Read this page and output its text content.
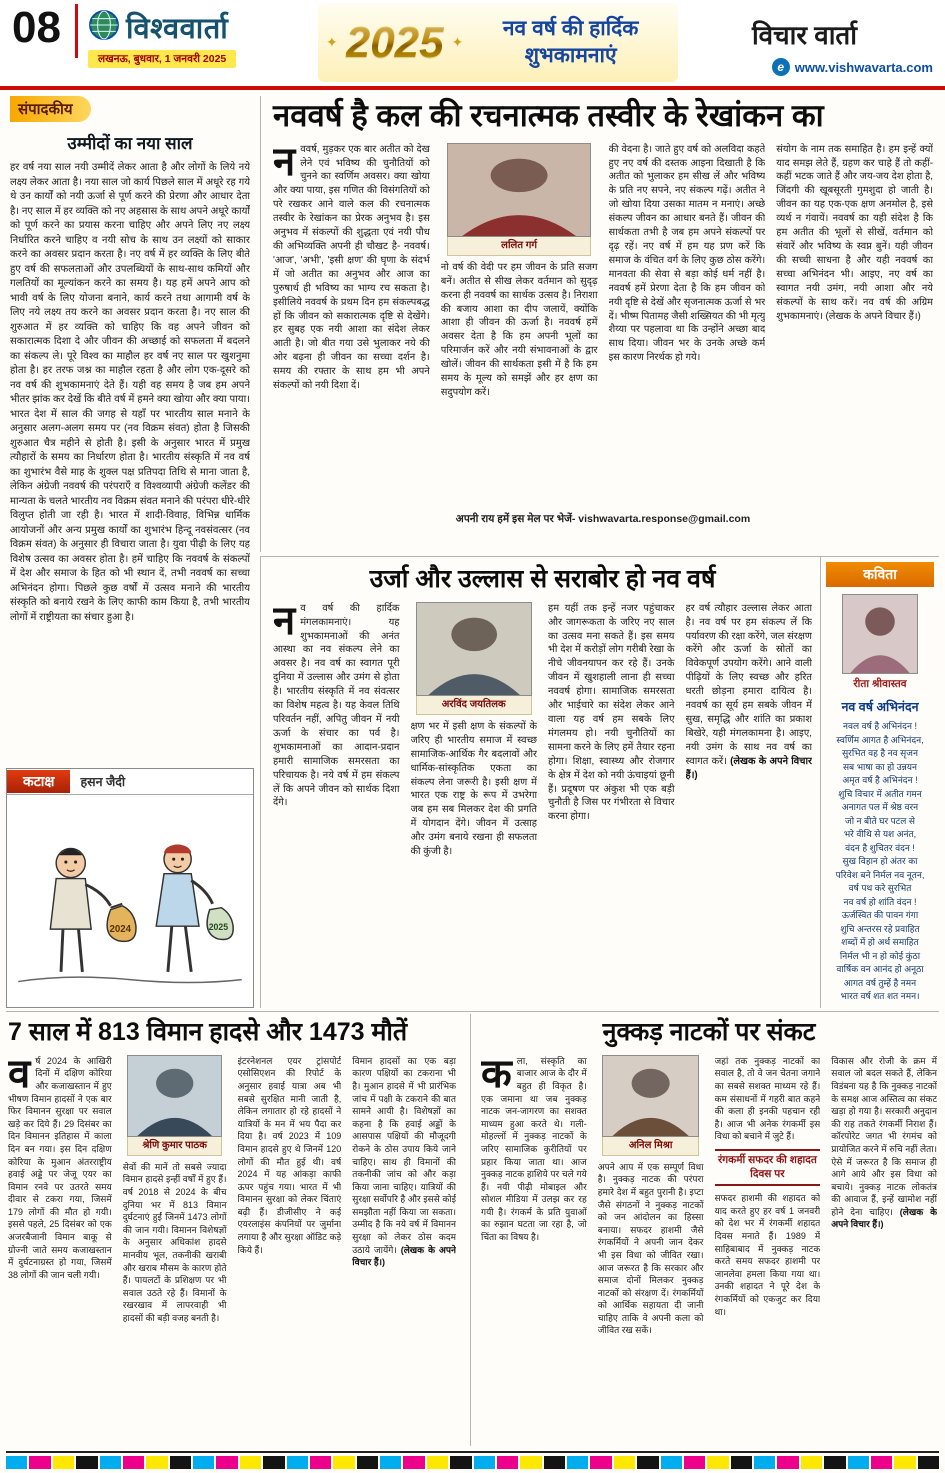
08	विश्ववार्ता
लखनऊ, बुधवार, 1 जनवरी 2025
✦ 2025 ✦
नव वर्ष की हार्दिक
शुभकामनाएं
विचार वार्ता
e www.vishwavarta.com
संपादकीय
उम्मीदों का नया साल
हर वर्ष नया साल नयी उम्मीदें लेकर आता है और लोगों के लिये नये लक्ष्य लेकर आता है। नया साल जो कार्य पिछले साल में अधूरे रह गये थे उन कार्यों को नयी ऊर्जा से पूर्ण करने की प्रेरणा और आधार देता है। नए साल में हर व्यक्ति को नए अहसास के साथ अपने अधूरे कार्यों को पूर्ण करने का प्रयास करना चाहिए और अपने लिए नए लक्ष्य निर्धारित करने चाहिए व नयी सोच के साथ उन लक्ष्यों को साकार करने का अवसर प्रदान करता है। नए वर्ष में हर व्यक्ति के लिए बीते हुए वर्ष की सफलताओं और उपलब्धियों के साथ-साथ कमियों और गलतियों का मूल्यांकन करने का समय है। यह हमें अपने आप को भावी वर्ष के लिए योजना बनाने, कार्य करने तथा आगामी वर्ष के लिए नये लक्ष्य तय करने का अवसर प्रदान करता है। नए साल की शुरुआत में हर व्यक्ति को चाहिए कि वह अपने जीवन को सकारात्मक दिशा दे और जीवन की अच्छाई को सफलता में बदलने का संकल्प ले। पूरे विश्व का माहौल हर वर्ष नए साल पर खुशनुमा होता है। हर तरफ जश्न का माहौल रहता है और लोग एक-दूसरे को नव वर्ष की शुभकामनाएं देते हैं। यही वह समय है जब हम अपने भीतर झांक कर देखें कि बीते वर्ष में हमने क्या खोया और क्या पाया। भारत देश में साल की जगह से यहाँ पर भारतीय साल मनाने के अनुसार अलग-अलग समय पर (नव विक्रम संवत) होता है जिसकी शुरुआत चैत्र महीने से होती है। इसी के अनुसार भारत में प्रमुख त्यौहारों के समय का निर्धारण होता है। भारतीय संस्कृति में नव वर्ष का शुभारंभ वैसे माह के शुक्ल पक्ष प्रतिपदा तिथि से माना जाता है, लेकिन अंग्रेजी नववर्ष की परंपराएँ व विश्वव्यापी अंग्रेजी कलेंडर की मान्यता के चलते भारतीय नव विक्रम संवत मनाने की परंपरा धीरे-धीरे विलुप्त होती जा रही है। भारत में शादी-विवाह, विभिन्न धार्मिक आयोजनों और अन्य प्रमुख कार्यों का शुभारंभ हिन्दू नवसंवत्सर (नव विक्रम संवत) के अनुसार ही विचारा जाता है। युवा पीढ़ी के लिए यह विशेष उत्सव का अवसर होता है। हमें चाहिए कि नववर्ष के संकल्पों में देश और समाज के हित को भी स्थान दें, तभी नववर्ष का सच्चा अभिनंदन होगा। पिछले कुछ वर्षों में उत्सव मनाने की भारतीय संस्कृति को बनाये रखने के लिए काफी काम किया है, तभी भारतीय लोगों में राष्ट्रीयता का संचार हुआ है।
कटाक्ष	हसन जैदी
2024	2025
नववर्ष है कल की रचनात्मक तस्वीर के रेखांकन का
नववर्ष, मुड़कर एक बार अतीत को देख लेने एवं भविष्य की चुनौतियों को चुनने का स्वर्णिम अवसर। क्या खोया और क्या पाया, इस गणित की विसंगतियों को परे रखकर आने वाले कल की रचनात्मक तस्वीर के रेखांकन का प्रेरक अनुभव है। इस अनुभव में संकल्पों की शुद्धता एवं नयी पौध की अभिव्यक्ति अपनी ही चौखट है- नववर्ष। 'आज', 'अभी', 'इसी क्षण' की घृणा के संदर्भ में जो अतीत का अनुभव और आज का पुरुषार्थ ही भविष्य का भाग्य रच सकता है। इसीलिये नववर्ष के प्रथम दिन हम संकल्पबद्ध हों कि जीवन को सकारात्मक दृष्टि से देखेंगे। हर सुबह एक नयी आशा का संदेश लेकर आती है। जो बीत गया उसे भुलाकर नये की ओर बढ़ना ही जीवन का सच्चा दर्शन है। समय की रफ्तार के साथ हम भी अपने संकल्पों को नयी दिशा दें।
ललित गर्ग
नाे वर्ष की वेदी पर हम जीवन के प्रति सजग बनें। अतीत से सीख लेकर वर्तमान को सुदृढ़ करना ही नववर्ष का सार्थक उत्सव है। निराशा की बजाय आशा का दीप जलायें, क्योंकि आशा ही जीवन की ऊर्जा है। नववर्ष हमें अवसर देता है कि हम अपनी भूलों का परिमार्जन करें और नयी संभावनाओं के द्वार खोलें। जीवन की सार्थकता इसी में है कि हम समय के मूल्य को समझें और हर क्षण का सदुपयोग करें।
की वेदना है। जाते हुए वर्ष को अलविदा कहते हुए नए वर्ष की दस्तक आइना दिखाती है कि अतीत को भुलाकर हम सीख लें और भविष्य के प्रति नए सपने, नए संकल्प गढ़ें। अतीत ने जो खोया दिया उसका मातम न मनाएं। अच्छे संकल्प जीवन का आधार बनते हैं। जीवन की सार्थकता तभी है जब हम अपने संकल्पों पर दृढ़ रहें। नए वर्ष में हम यह प्रण करें कि समाज के वंचित वर्ग के लिए कुछ ठोस करेंगे। मानवता की सेवा से बड़ा कोई धर्म नहीं है। नववर्ष हमें प्रेरणा देता है कि हम जीवन को नयी दृष्टि से देखें और सृजनात्मक ऊर्जा से भर दें। भीष्म पितामह जैसी शख्सियत की भी मृत्यु शैय्या पर पहलावा था कि उन्होंने अच्छा बाद साथ दिया। जीवन भर के उनके अच्छे कर्म इस कारण निरर्थक हो गये।
संयोग के नाम तक समाहित है। हम इन्हें क्यों याद समझ लेते हैं, ग्रहण कर चाहे हैं तो कहीं-कहीं भटक जाते हैं और जय-जय देश होता है, जिंदगी की खूबसूरती गुमशुदा हो जाती है। जीवन का यह एक-एक क्षण अनमोल है, इसे व्यर्थ न गंवायें। नववर्ष का यही संदेश है कि हम अतीत की भूलों से सीखें, वर्तमान को संवारें और भविष्य के स्वप्न बुनें। यही जीवन की सच्ची साधना है और यही नववर्ष का सच्चा अभिनंदन भी। आइए, नए वर्ष का स्वागत नयी उमंग, नयी आशा और नये संकल्पों के साथ करें। नव वर्ष की अग्रिम शुभकामनाएं। (लेखक के अपने विचार हैं।)
अपनी राय हमें इस मेल पर भेजें- vishwavarta.response@gmail.com
उर्जा और उल्लास से सराबोर हो नव वर्ष
नव वर्ष की हार्दिक मंगलकामनाएं। यह शुभकामनाओं की अनंत आस्था का नव संकल्प लेने का अवसर है। नव वर्ष का स्वागत पूरी दुनिया में उल्लास और उमंग से होता है। भारतीय संस्कृति में नव संवत्सर का विशेष महत्व है। यह केवल तिथि परिवर्तन नहीं, अपितु जीवन में नयी ऊर्जा के संचार का पर्व है। शुभकामनाओं का आदान-प्रदान हमारी सामाजिक समरसता का परिचायक है। नये वर्ष में हम संकल्प लें कि अपने जीवन को सार्थक दिशा देंगे।
अरविंद जयतिलक
क्षण भर में इसी क्षण के संकल्पों के जरिए ही भारतीय समाज में स्वच्छ सामाजिक-आर्थिक गैर बदलावों और धार्मिक-सांस्कृतिक एकता का संकल्प लेना जरूरी है। इसी क्षण में भारत एक राष्ट्र के रूप में उभरेगा जब हम सब मिलकर देश की प्रगति में योगदान देंगे। जीवन में उत्साह और उमंग बनाये रखना ही सफलता की कुंजी है।
हम यहीं तक इन्हें नजर पहुंचाकर और जागरूकता के जरिए नए साल का उत्सव मना सकते हैं। इस समय भी देश में करोड़ों लोग गरीबी रेखा के नीचे जीवनयापन कर रहे हैं। उनके जीवन में खुशहाली लाना ही सच्चा नववर्ष होगा। सामाजिक समरसता और भाईचारे का संदेश लेकर आने वाला यह वर्ष हम सबके लिए मंगलमय हो। नयी चुनौतियों का सामना करने के लिए हमें तैयार रहना होगा। शिक्षा, स्वास्थ्य और रोजगार के क्षेत्र में देश को नयी ऊंचाइयां छूनी हैं। प्रदूषण पर अंकुश भी एक बड़ी चुनौती है जिस पर गंभीरता से विचार करना होगा।
हर वर्ष त्यौहार उल्लास लेकर आता है। नव वर्ष पर हम संकल्प लें कि पर्यावरण की रक्षा करेंगे, जल संरक्षण करेंगे और ऊर्जा के स्रोतों का विवेकपूर्ण उपयोग करेंगे। आने वाली पीढ़ियों के लिए स्वच्छ और हरित धरती छोड़ना हमारा दायित्व है। नववर्ष का सूर्य हम सबके जीवन में सुख, समृद्धि और शांति का प्रकाश बिखेरे, यही मंगलकामना है। आइए, नयी उमंग के साथ नव वर्ष का स्वागत करें। (लेखक के अपने विचार हैं।)
कविता
रीता श्रीवास्तव
नव वर्ष अभिनंदन
नवल वर्ष है अभिनंदन !
स्वर्णिम आगत है अभिनंदन,
सुरभित वह है नव सृजन
सब भाषा का हो उन्नयन
अमृत वर्ष है अभिनंदन !
शुचि विचार में अतीत गमन
अनागत पल में श्रेष्ठ वरन
जो न बीते घर पटल से
भरे वीथि से यश अनंत,
वंदन है शुचितर वंदन !
सुख विहान हो अंतर का
परिवेश बने निर्मल नव नूतन,
वर्ष पथ करे सुरभित
नव वर्ष हो शांति वंदन !
ऊर्जस्वित की पावन गंगा
शुचि अन्तरस रहे प्रवाहित
शब्दों में हो अर्थ समाहित
निर्मल भी न हो कोई कुंठा
वार्षिक वन आनंद हो अनूठा
आगत वर्ष तुम्हें है नमन
भारत वर्ष शत शत नमन।
7 साल में 813 विमान हादसे और 1473 मौतें
वर्ष 2024 के आखिरी दिनों में दक्षिण कोरिया और कजाखस्तान में हुए भीषण विमान हादसों ने एक बार फिर विमानन सुरक्षा पर सवाल खड़े कर दिये हैं। 29 दिसंबर का दिन विमानन इतिहास में काला दिन बन गया। इस दिन दक्षिण कोरिया के मुआन अंतरराष्ट्रीय हवाई अड्डे पर जेजू एयर का विमान रनवे पर उतरते समय दीवार से टकरा गया, जिसमें 179 लोगों की मौत हो गयी। इससे पहले, 25 दिसंबर को एक अजरबैजानी विमान बाकू से ग्रोज्नी जाते समय कजाखस्तान में दुर्घटनाग्रस्त हो गया, जिसमें 38 लोगों की जान चली गयी।
श्रेणि कुमार पाठक
सेवों की मानें तो सबसे ज्यादा विमान हादसे इन्हीं वर्षों में हुए हैं। वर्ष 2018 से 2024 के बीच दुनिया भर में 813 विमान दुर्घटनाएं हुईं जिनमें 1473 लोगों की जान गयी। विमानन विशेषज्ञों के अनुसार अधिकांश हादसे मानवीय भूल, तकनीकी खराबी और खराब मौसम के कारण होते हैं। पायलटों के प्रशिक्षण पर भी सवाल उठते रहे हैं। विमानों के रखरखाव में लापरवाही भी हादसों की बड़ी वजह बनती है।
इंटरनेशनल एयर ट्रांसपोर्ट एसोसिएशन की रिपोर्ट के अनुसार हवाई यात्रा अब भी सबसे सुरक्षित मानी जाती है, लेकिन लगातार हो रहे हादसों ने यात्रियों के मन में भय पैदा कर दिया है। वर्ष 2023 में 109 विमान हादसे हुए थे जिनमें 120 लोगों की मौत हुई थी। वर्ष 2024 में यह आंकड़ा काफी ऊपर पहुंच गया। भारत में भी विमानन सुरक्षा को लेकर चिंताएं बढ़ी हैं। डीजीसीए ने कई एयरलाइंस कंपनियों पर जुर्माना लगाया है और सुरक्षा ऑडिट कड़े किये हैं।
विमान हादसों का एक बड़ा कारण पक्षियों का टकराना भी है। मुआन हादसे में भी प्रारंभिक जांच में पक्षी के टकराने की बात सामने आयी है। विशेषज्ञों का कहना है कि हवाई अड्डों के आसपास पक्षियों की मौजूदगी रोकने के ठोस उपाय किये जाने चाहिए। साथ ही विमानों की तकनीकी जांच को और कड़ा किया जाना चाहिए। यात्रियों की सुरक्षा सर्वोपरि है और इससे कोई समझौता नहीं किया जा सकता। उम्मीद है कि नये वर्ष में विमानन सुरक्षा को लेकर ठोस कदम उठाये जायेंगे। (लेखक के अपने विचार हैं।)
नुक्कड़ नाटकों पर संकट
कला, संस्कृति का बाजार आज के दौर में बहुत ही विकृत है। एक जमाना था जब नुक्कड़ नाटक जन-जागरण का सशक्त माध्यम हुआ करते थे। गली-मोहल्लों में नुक्कड़ नाटकों के जरिए सामाजिक कुरीतियों पर प्रहार किया जाता था। आज नुक्कड़ नाटक हाशिये पर चले गये हैं। नयी पीढ़ी मोबाइल और सोशल मीडिया में उलझ कर रह गयी है। रंगकर्म के प्रति युवाओं का रुझान घटता जा रहा है, जो चिंता का विषय है।
अनिल मिश्रा
अपने आप में एक सम्पूर्ण विधा है। नुक्कड़ नाटक की परंपरा हमारे देश में बहुत पुरानी है। इप्टा जैसे संगठनों ने नुक्कड़ नाटकों को जन आंदोलन का हिस्सा बनाया। सफदर हाशमी जैसे रंगकर्मियों ने अपनी जान देकर भी इस विधा को जीवित रखा। आज जरूरत है कि सरकार और समाज दोनों मिलकर नुक्कड़ नाटकों को संरक्षण दें। रंगकर्मियों को आर्थिक सहायता दी जानी चाहिए ताकि वे अपनी कला को जीवित रख सकें।
जहां तक नुक्कड़ नाटकों का सवाल है, तो वे जन चेतना जगाने का सबसे सशक्त माध्यम रहे हैं। कम संसाधनों में गहरी बात कहने की कला ही इनकी पहचान रही है। आज भी अनेक रंगकर्मी इस विधा को बचाने में जुटे हैं।
रंगकर्मी सफदर की शहादत दिवस पर
सफदर हाशमी की शहादत को याद करते हुए हर वर्ष 1 जनवरी को देश भर में रंगकर्मी शहादत दिवस मनाते हैं। 1989 में साहिबाबाद में नुक्कड़ नाटक करते समय सफदर हाशमी पर जानलेवा हमला किया गया था। उनकी शहादत ने पूरे देश के रंगकर्मियों को एकजुट कर दिया था।
विकास और रोजी के क्रम में सवाल जो बदल सकते हैं, लेकिन विडंबना यह है कि नुक्कड़ नाटकों के समक्ष आज अस्तित्व का संकट खड़ा हो गया है। सरकारी अनुदान की राह तकते रंगकर्मी निराश हैं। कॉरपोरेट जगत भी रंगमंच को प्रायोजित करने में रुचि नहीं लेता। ऐसे में जरूरत है कि समाज ही आगे आये और इस विधा को बचाये। नुक्कड़ नाटक लोकतंत्र की आवाज हैं, इन्हें खामोश नहीं होने देना चाहिए। (लेखक के अपने विचार हैं।)
